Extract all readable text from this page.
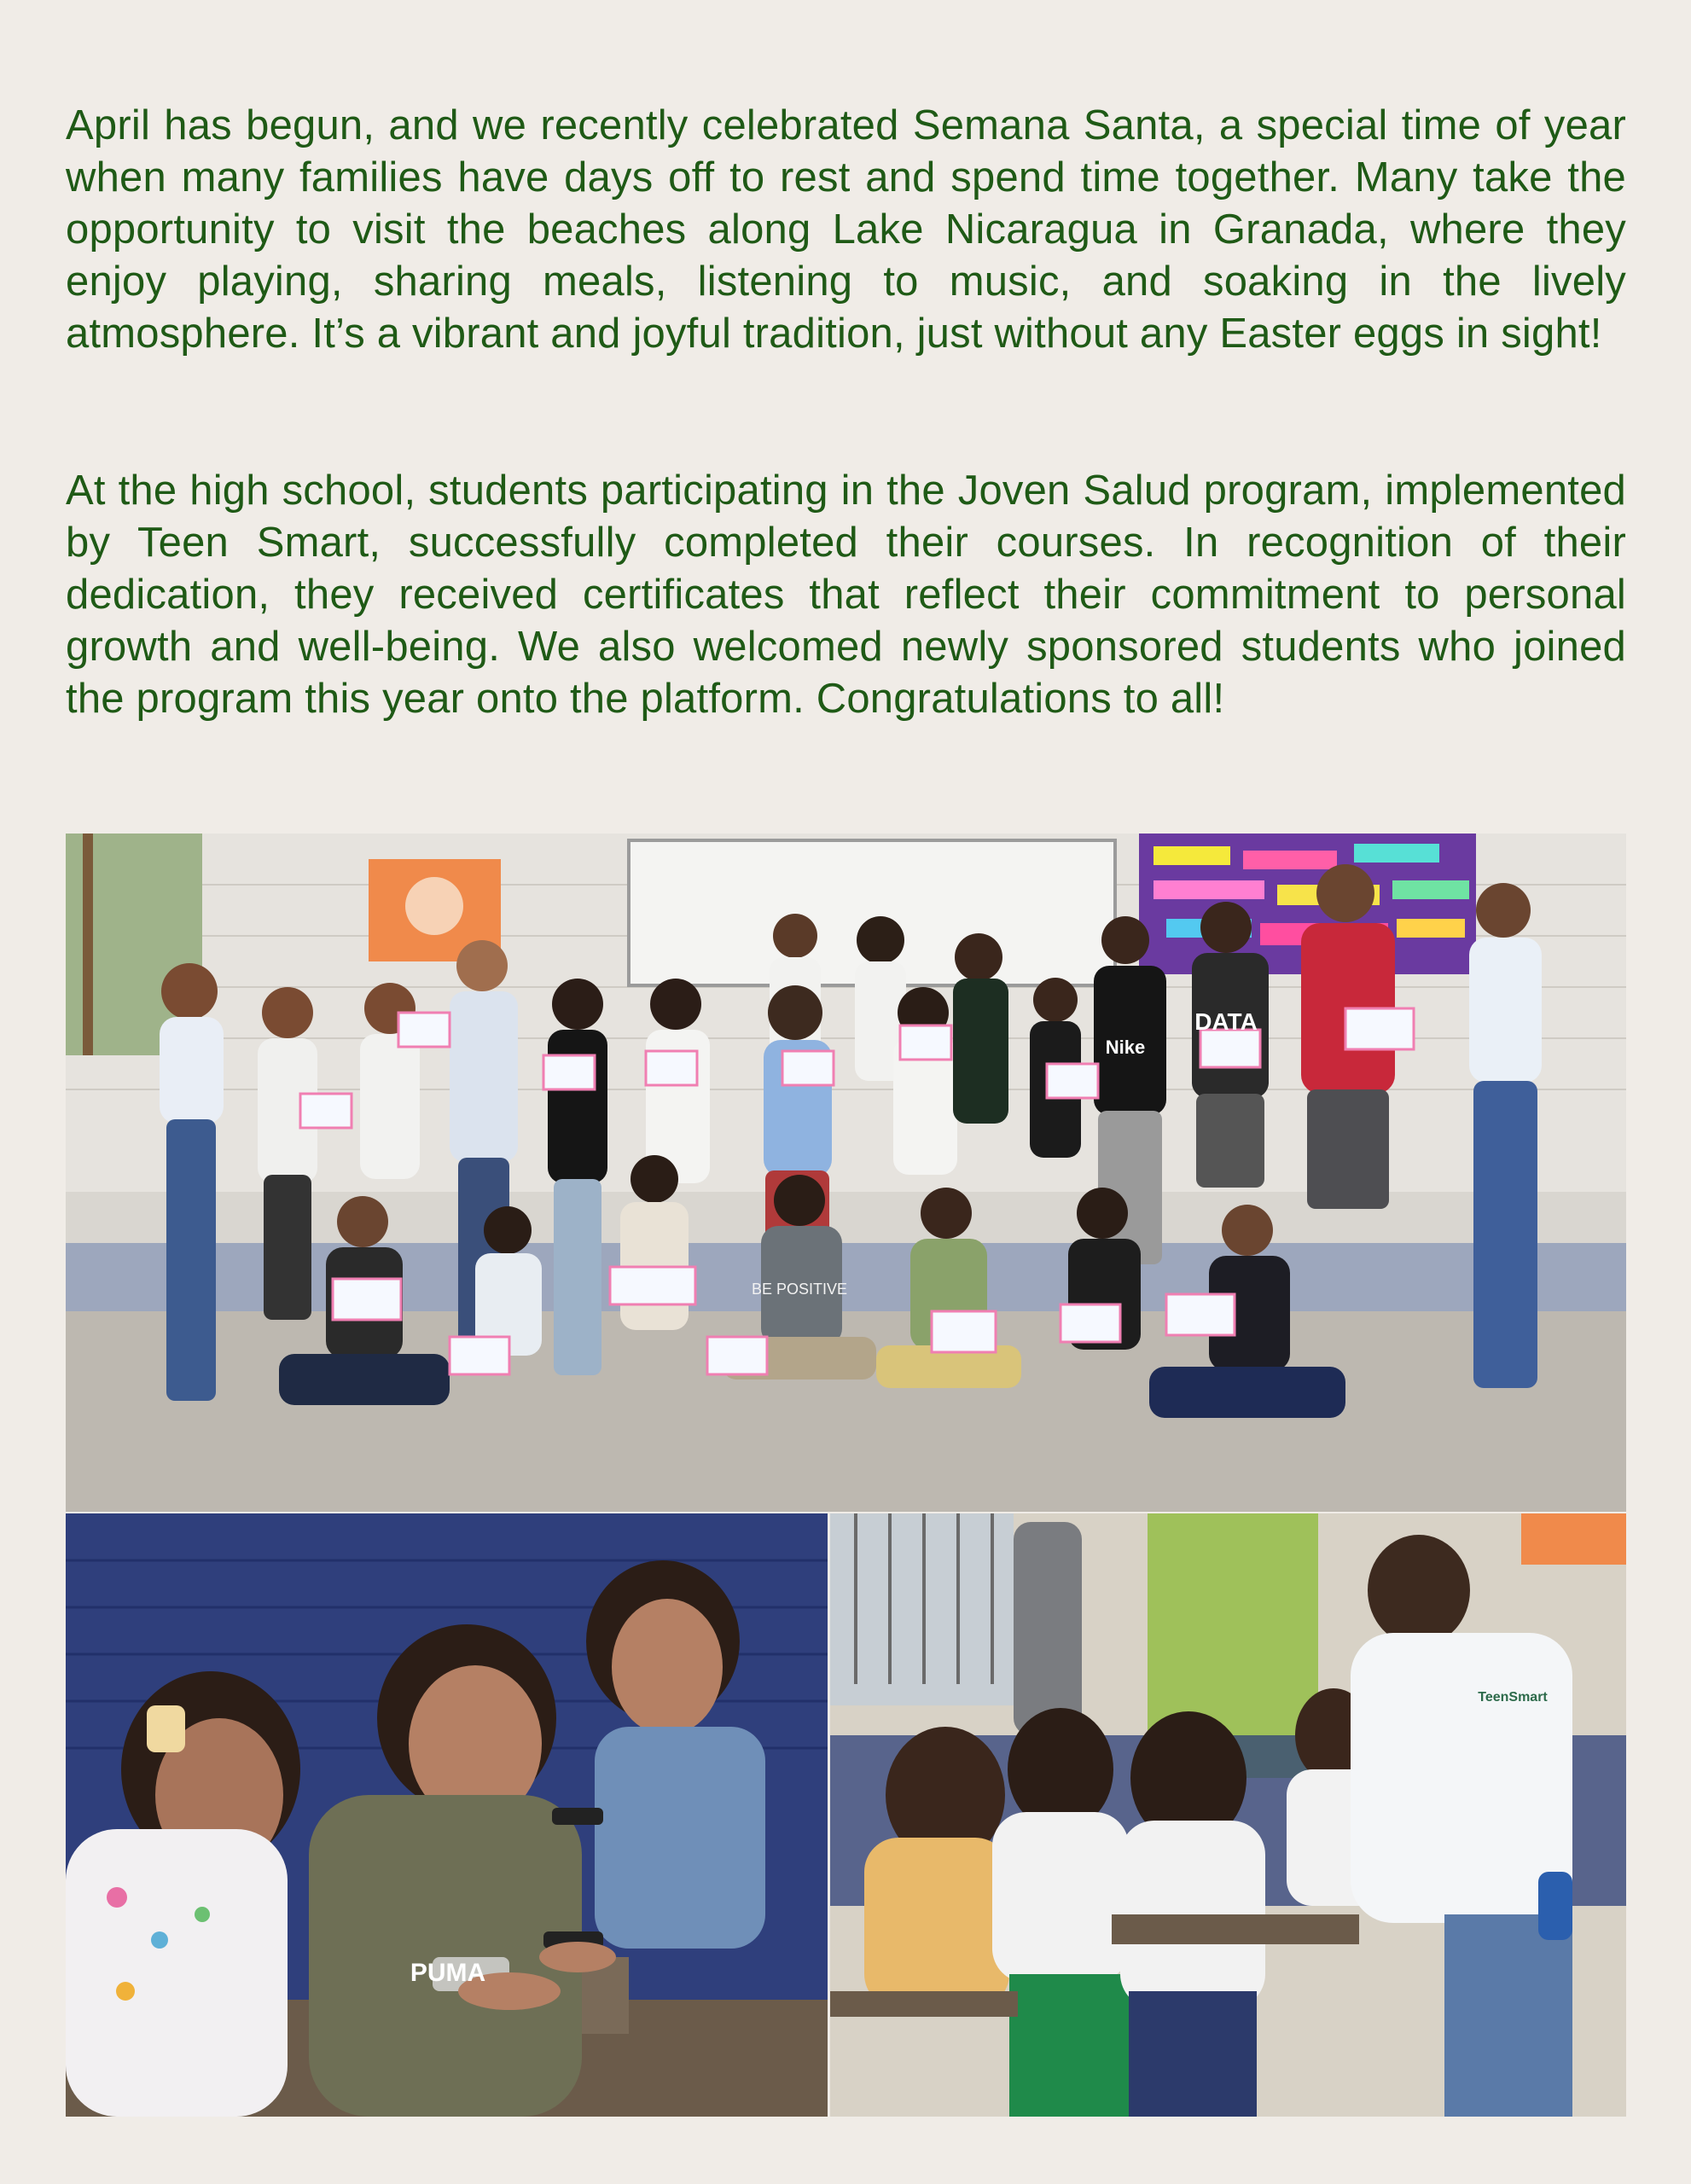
April has begun, and we recently celebrated Semana Santa, a special time of year when many families have days off to rest and spend time together. Many take the opportunity to visit the beaches along Lake Nicaragua in Granada, where they enjoy playing, sharing meals, listening to music, and soaking in the lively atmosphere. It’s a vibrant and joyful tradition, just without any Easter eggs in sight!

At the high school, students participating in the Joven Salud program, implemented by Teen Smart, successfully completed their courses. In recognition of their dedication, they received certificates that reflect their commitment to personal growth and well-being. We also welcomed newly sponsored students who joined the program this year onto the platform. Congratulations to all!

Nike
DATA
BE POSITIVE
PUMA
TeenSmart
